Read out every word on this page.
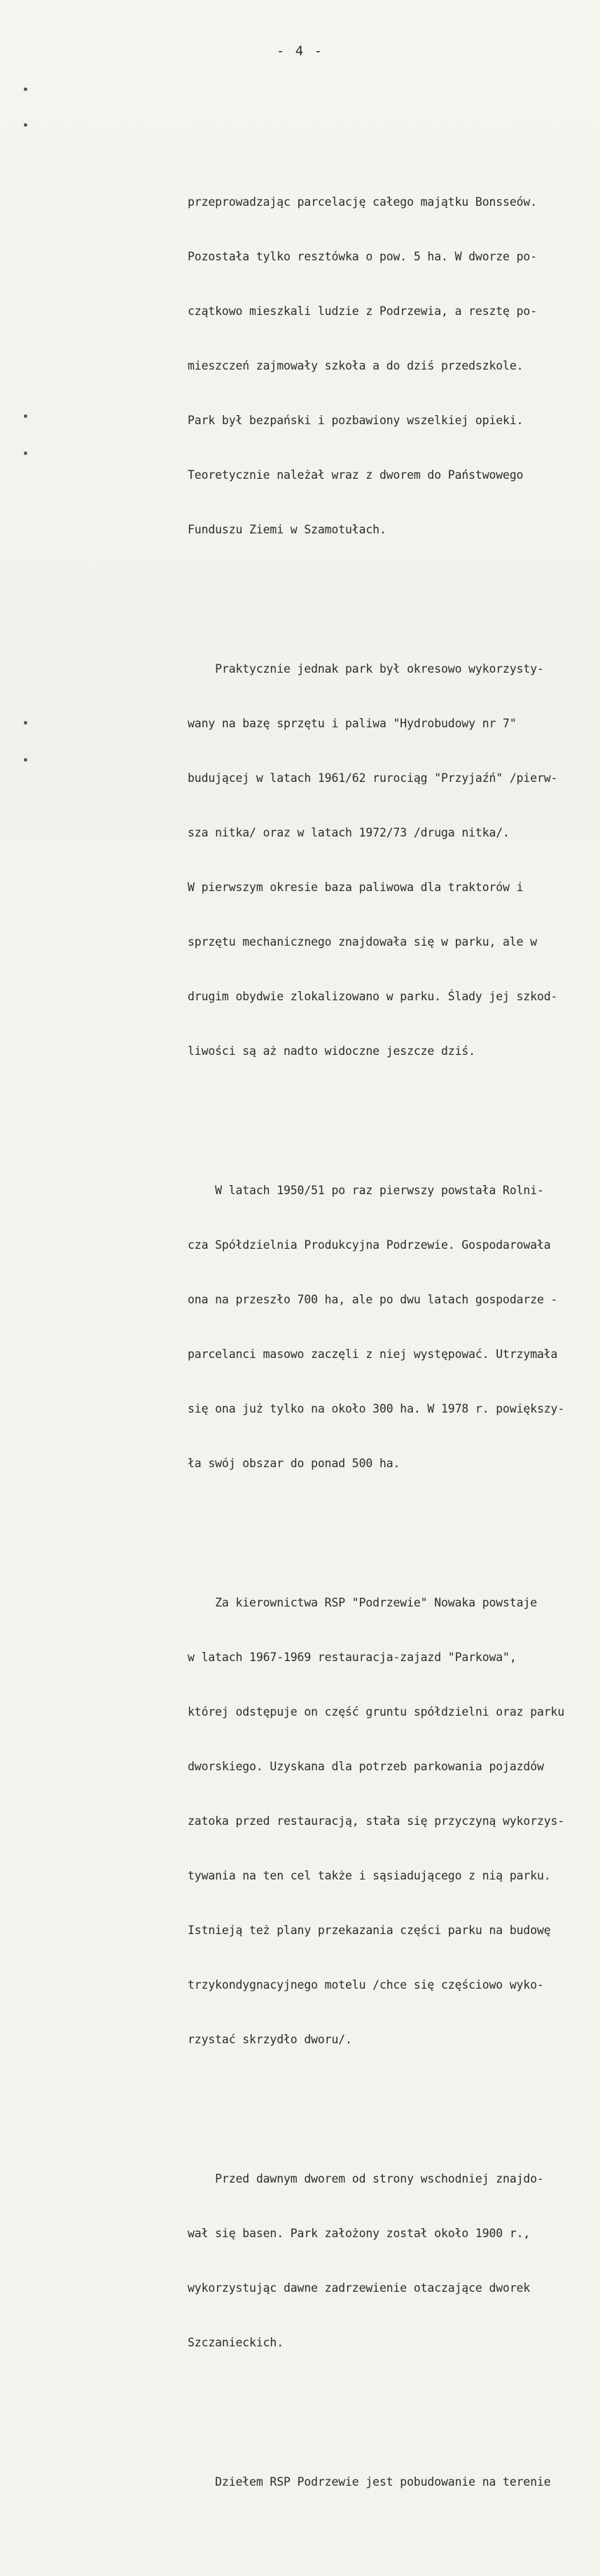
- 4 -

przeprowadzając parcelację całego majątku Bonsseów.

Pozostała tylko resztówka o pow. 5 ha. W dworze po-

czątkowo mieszkali ludzie z Podrzewia, a resztę po-

mieszczeń zajmowały szkoła a do dziś przedszkole.

Park był bezpański i pozbawiony wszelkiej opieki.

Teoretycznie należał wraz z dworem do Państwowego

Funduszu Ziemi w Szamotułach.

Praktycznie jednak park był okresowo wykorzysty-

wany na bazę sprzętu i paliwa "Hydrobudowy nr 7"

budującej w latach 1961/62 rurociąg "Przyjaźń" /pierw-

sza nitka/ oraz w latach 1972/73 /druga nitka/.

W pierwszym okresie baza paliwowa dla traktorów i

sprzętu mechanicznego znajdowała się w parku, ale w

drugim obydwie zlokalizowano w parku. Ślady jej szkod-

liwości są aż nadto widoczne jeszcze dziś.

W latach 1950/51 po raz pierwszy powstała Rolni-

cza Spółdzielnia Produkcyjna Podrzewie. Gospodarowała

ona na przeszło 700 ha, ale po dwu latach gospodarze -

parcelanci masowo zaczęli z niej występować. Utrzymała

się ona już tylko na około 300 ha. W 1978 r. powiększy-

ła swój obszar do ponad 500 ha.

Za kierownictwa RSP "Podrzewie" Nowaka powstaje

w latach 1967-1969 restauracja-zajazd "Parkowa",

której odstępuje on część gruntu spółdzielni oraz parku

dworskiego. Uzyskana dla potrzeb parkowania pojazdów

zatoka przed restauracją, stała się przyczyną wykorzys-

tywania na ten cel także i sąsiadującego z nią parku.

Istnieją też plany przekazania części parku na budowę

trzykondygnacyjnego motelu /chce się częściowo wyko-

rzystać skrzydło dworu/.

Przed dawnym dworem od strony wschodniej znajdo-

wał się basen. Park założony został około 1900 r.,

wykorzystując dawne zadrzewienie otaczające dworek

Szczanieckich.

Dziełem RSP Podrzewie jest pobudowanie na terenie
